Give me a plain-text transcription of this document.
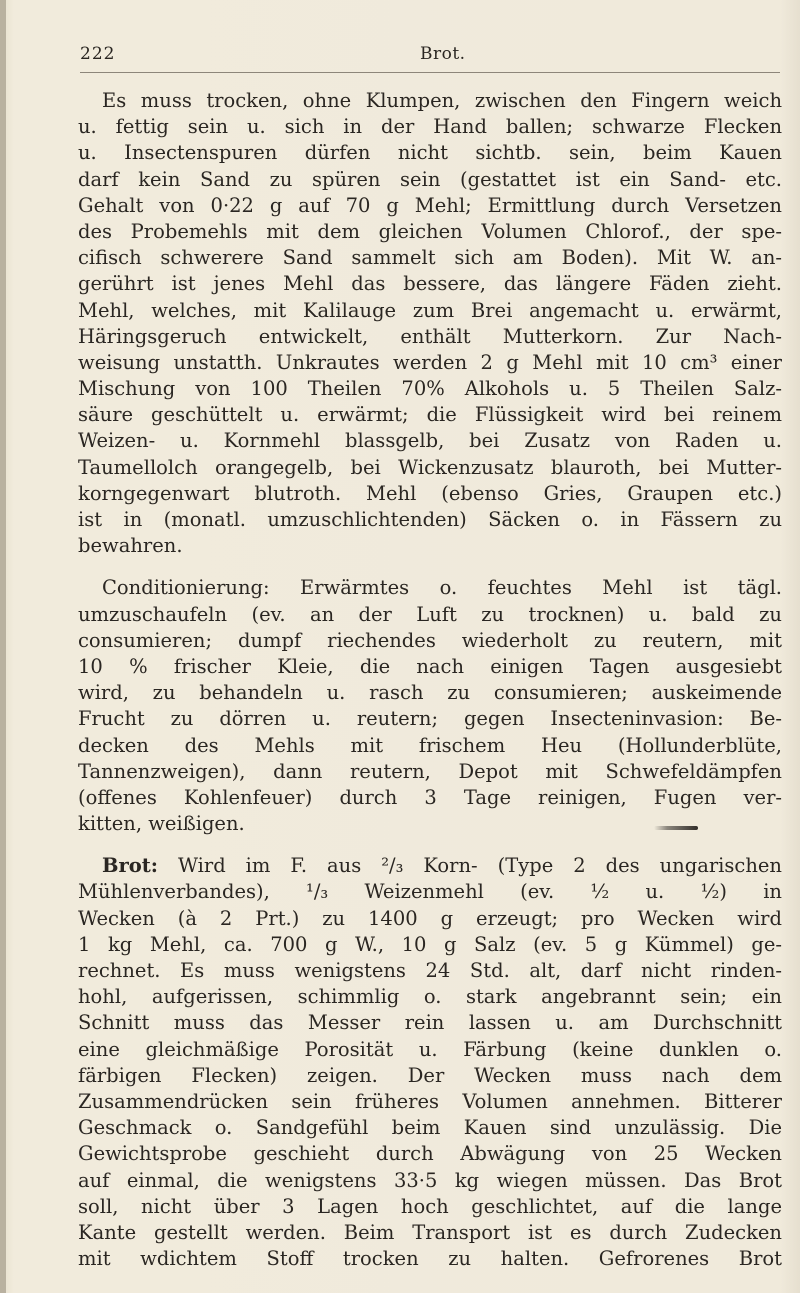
222	Brot.
Es muss trocken, ohne Klumpen, zwischen den Fingern weich
u. fettig sein u. sich in der Hand ballen; schwarze Flecken
u. Insectenspuren dürfen nicht sichtb. sein, beim Kauen
darf kein Sand zu spüren sein (gestattet ist ein Sand- etc.
Gehalt von 0·22 g auf 70 g Mehl; Ermittlung durch Versetzen
des Probemehls mit dem gleichen Volumen Chlorof., der spe-
cifisch schwerere Sand sammelt sich am Boden). Mit W. an-
gerührt ist jenes Mehl das bessere, das längere Fäden zieht.
Mehl, welches, mit Kalilauge zum Brei angemacht u. erwärmt,
Häringsgeruch entwickelt, enthält Mutterkorn. Zur Nach-
weisung unstatth. Unkrautes werden 2 g Mehl mit 10 cm³ einer
Mischung von 100 Theilen 70% Alkohols u. 5 Theilen Salz-
säure geschüttelt u. erwärmt; die Flüssigkeit wird bei reinem
Weizen- u. Kornmehl blassgelb, bei Zusatz von Raden u.
Taumellolch orangegelb, bei Wickenzusatz blauroth, bei Mutter-
korngegenwart blutroth. Mehl (ebenso Gries, Graupen etc.)
ist in (monatl. umzuschlichtenden) Säcken o. in Fässern zu
bewahren.
Conditionierung: Erwärmtes o. feuchtes Mehl ist tägl.
umzuschaufeln (ev. an der Luft zu trocknen) u. bald zu
consumieren; dumpf riechendes wiederholt zu reutern, mit
10 % frischer Kleie, die nach einigen Tagen ausgesiebt
wird, zu behandeln u. rasch zu consumieren; auskeimende
Frucht zu dörren u. reutern; gegen Insecteninvasion: Be-
decken des Mehls mit frischem Heu (Hollunderblüte,
Tannenzweigen), dann reutern, Depot mit Schwefeldämpfen
(offenes Kohlenfeuer) durch 3 Tage reinigen, Fugen ver-
kitten, weißigen.
Brot: Wird im F. aus ²/₃ Korn- (Type 2 des ungarischen
Mühlenverbandes), ¹/₃ Weizenmehl (ev. ½ u. ½) in
Wecken (à 2 Prt.) zu 1400 g erzeugt; pro Wecken wird
1 kg Mehl, ca. 700 g W., 10 g Salz (ev. 5 g Kümmel) ge-
rechnet. Es muss wenigstens 24 Std. alt, darf nicht rinden-
hohl, aufgerissen, schimmlig o. stark angebrannt sein; ein
Schnitt muss das Messer rein lassen u. am Durchschnitt
eine gleichmäßige Porosität u. Färbung (keine dunklen o.
färbigen Flecken) zeigen. Der Wecken muss nach dem
Zusammendrücken sein früheres Volumen annehmen. Bitterer
Geschmack o. Sandgefühl beim Kauen sind unzulässig. Die
Gewichtsprobe geschieht durch Abwägung von 25 Wecken
auf einmal, die wenigstens 33·5 kg wiegen müssen. Das Brot
soll, nicht über 3 Lagen hoch geschlichtet, auf die lange
Kante gestellt werden. Beim Transport ist es durch Zudecken
mit wdichtem Stoff trocken zu halten. Gefrorenes Brot
